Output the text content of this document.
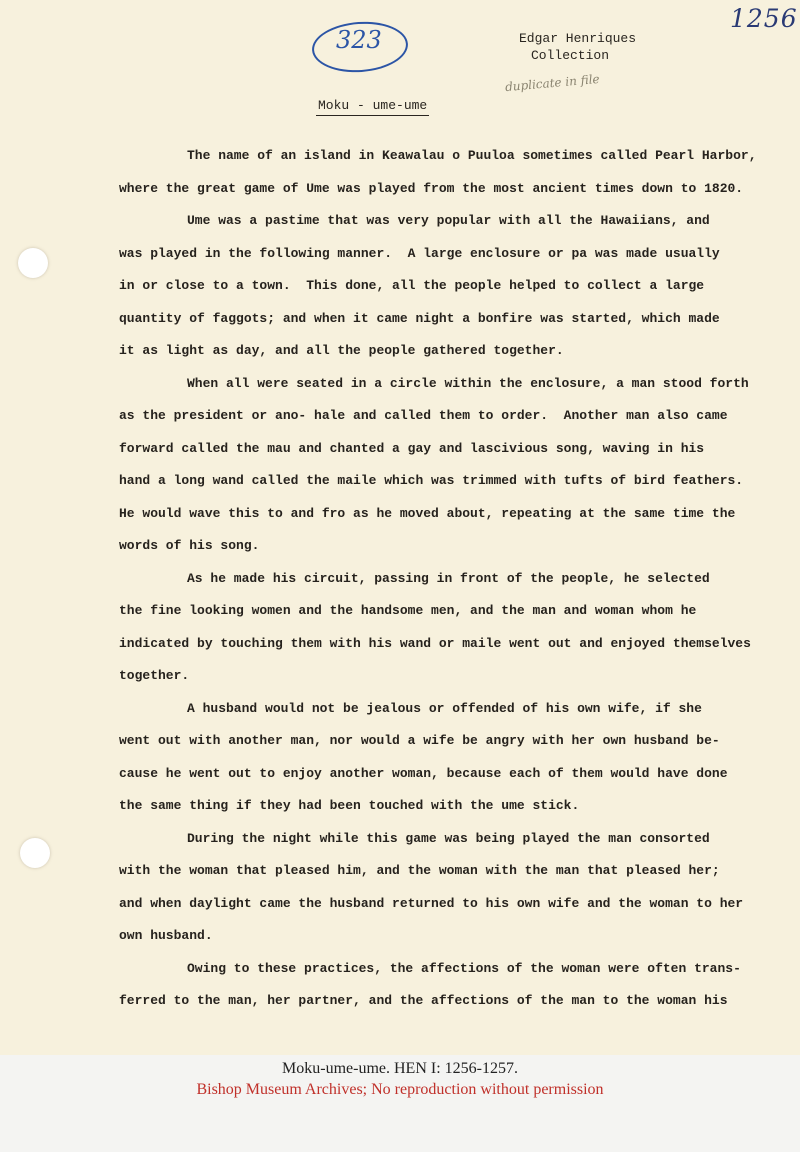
323
1256
Edgar Henriques
Collection
duplicate in file
Moku - ume-ume
The name of an island in Keawalau o Puuloa sometimes called Pearl Harbor,
where the great game of Ume was played from the most ancient times down to 1820.
Ume was a pastime that was very popular with all the Hawaiians, and
was played in the following manner.  A large enclosure or pa was made usually
in or close to a town.  This done, all the people helped to collect a large
quantity of faggots; and when it came night a bonfire was started, which made
it as light as day, and all the people gathered together.
When all were seated in a circle within the enclosure, a man stood forth
as the president or ano- hale and called them to order.  Another man also came
forward called the mau and chanted a gay and lascivious song, waving in his
hand a long wand called the maile which was trimmed with tufts of bird feathers.
He would wave this to and fro as he moved about, repeating at the same time the
words of his song.
As he made his circuit, passing in front of the people, he selected
the fine looking women and the handsome men, and the man and woman whom he
indicated by touching them with his wand or maile went out and enjoyed themselves
together.
A husband would not be jealous or offended of his own wife, if she
went out with another man, nor would a wife be angry with her own husband be-
cause he went out to enjoy another woman, because each of them would have done
the same thing if they had been touched with the ume stick.
During the night while this game was being played the man consorted
with the woman that pleased him, and the woman with the man that pleased her;
and when daylight came the husband returned to his own wife and the woman to her
own husband.
Owing to these practices, the affections of the woman were often trans-
ferred to the man, her partner, and the affections of the man to the woman his
Moku-ume-ume. HEN I: 1256-1257.
Bishop Museum Archives; No reproduction without permission
